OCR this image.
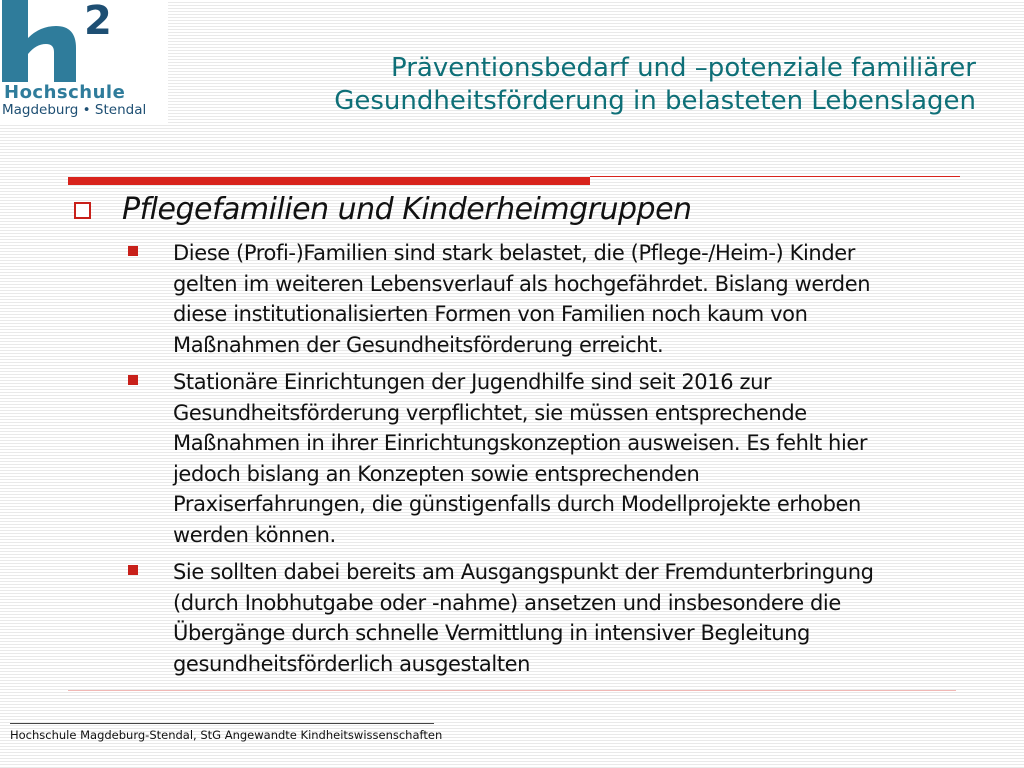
2
Hochschule
Magdeburg • Stendal
Präventionsbedarf und –potenziale familiärer
Gesundheitsförderung in belasteten Lebenslagen
Pflegefamilien und Kinderheimgruppen
Diese (Profi-)Familien sind stark belastet, die (Pflege-/Heim-) Kinder
gelten im weiteren Lebensverlauf als hochgefährdet. Bislang werden
diese institutionalisierten Formen von Familien noch kaum von
Maßnahmen der Gesundheitsförderung erreicht.
Stationäre Einrichtungen der Jugendhilfe sind seit 2016 zur
Gesundheitsförderung verpflichtet, sie müssen entsprechende
Maßnahmen in ihrer Einrichtungskonzeption ausweisen. Es fehlt hier
jedoch bislang an Konzepten sowie entsprechenden
Praxiserfahrungen, die günstigenfalls durch Modellprojekte erhoben
werden können.
Sie sollten dabei bereits am Ausgangspunkt der Fremdunterbringung
(durch Inobhutgabe oder -nahme) ansetzen und insbesondere die
Übergänge durch schnelle Vermittlung in intensiver Begleitung
gesundheitsförderlich ausgestalten
Hochschule Magdeburg-Stendal, StG Angewandte Kindheitswissenschaften
